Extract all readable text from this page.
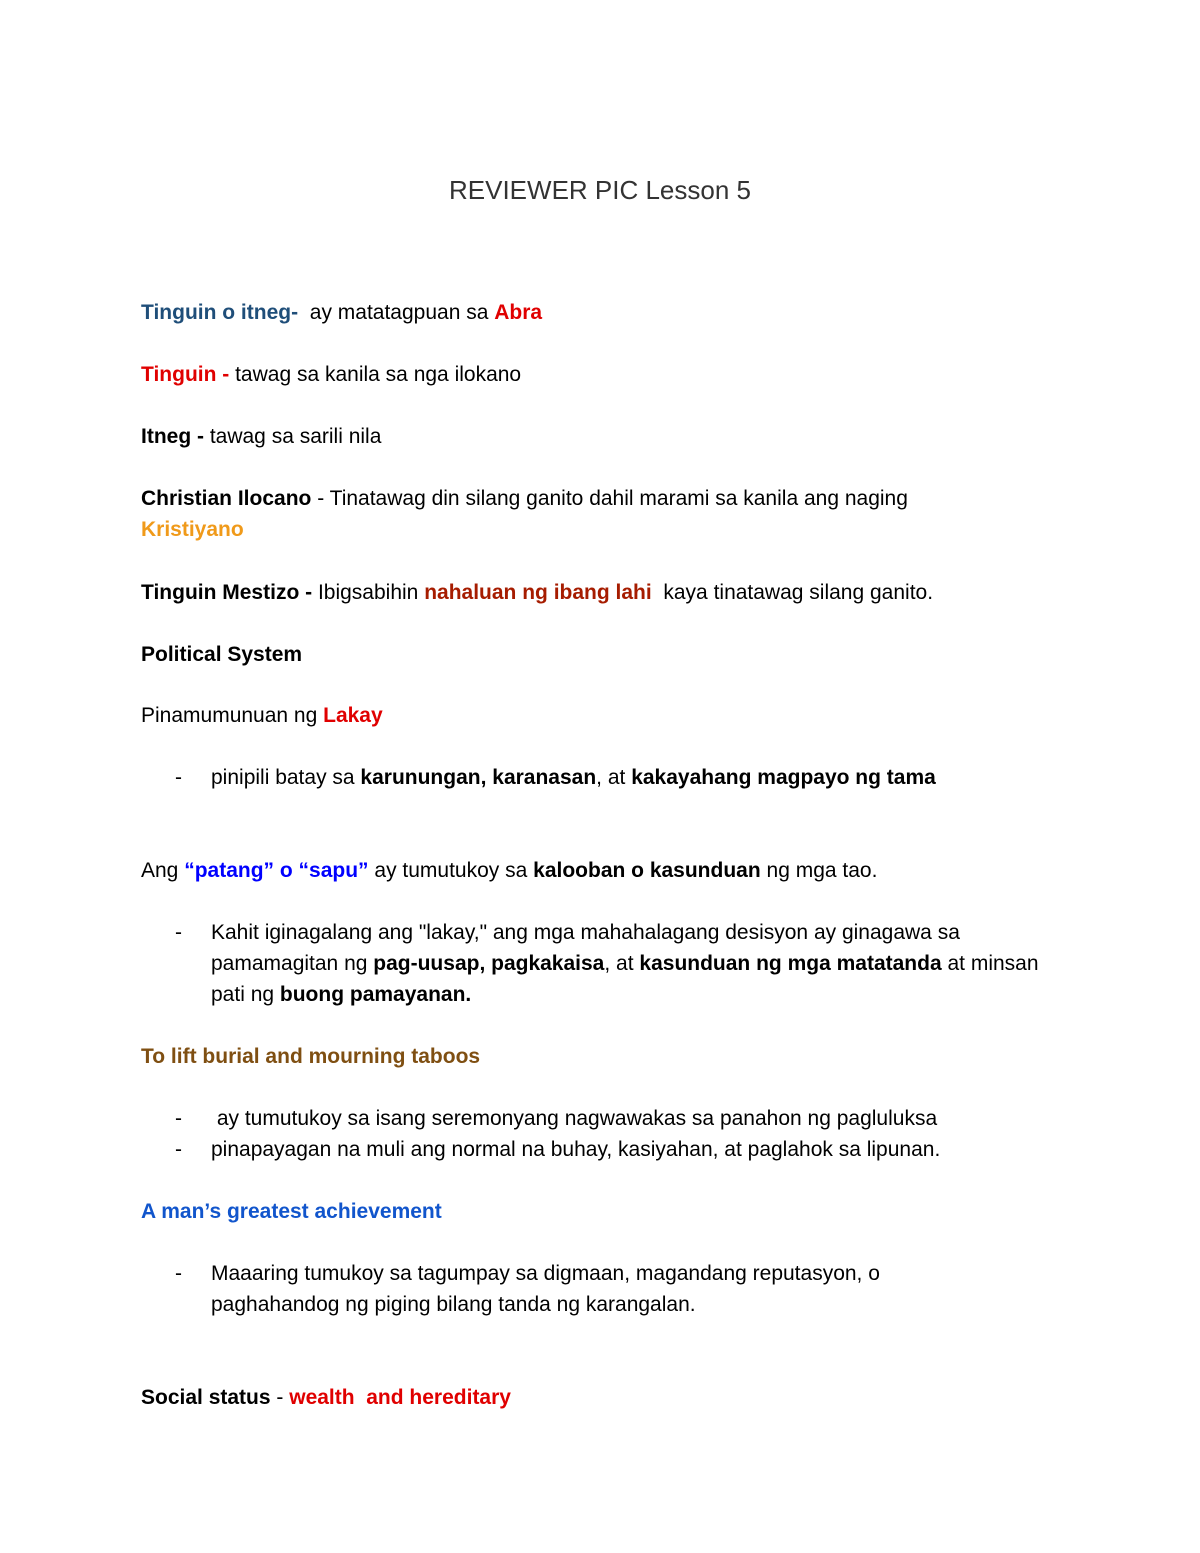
REVIEWER PIC Lesson 5
Tinguin o itneg-  ay matatagpuan sa Abra
Tinguin - tawag sa kanila sa nga ilokano
Itneg - tawag sa sarili nila
Christian Ilocano - Tinatawag din silang ganito dahil marami sa kanila ang naging
Kristiyano
Tinguin Mestizo - Ibigsabihin nahaluan ng ibang lahi  kaya tinatawag silang ganito.
Political System
Pinamumunuan ng Lakay
- pinipili batay sa karunungan, karanasan, at kakayahang magpayo ng tama
Ang “patang” o “sapu” ay tumutukoy sa kalooban o kasunduan ng mga tao.
- Kahit iginagalang ang "lakay," ang mga mahahalagang desisyon ay ginagawa sa pamamagitan ng pag-uusap, pagkakaisa, at kasunduan ng mga matatanda at minsan pati ng buong pamayanan.
To lift burial and mourning taboos
- ay tumutukoy sa isang seremonyang nagwawakas sa panahon ng pagluluksa
- pinapayagan na muli ang normal na buhay, kasiyahan, at paglahok sa lipunan.
A man’s greatest achievement
- Maaaring tumukoy sa tagumpay sa digmaan, magandang reputasyon, o paghahandog ng piging bilang tanda ng karangalan.
Social status - wealth  and hereditary
